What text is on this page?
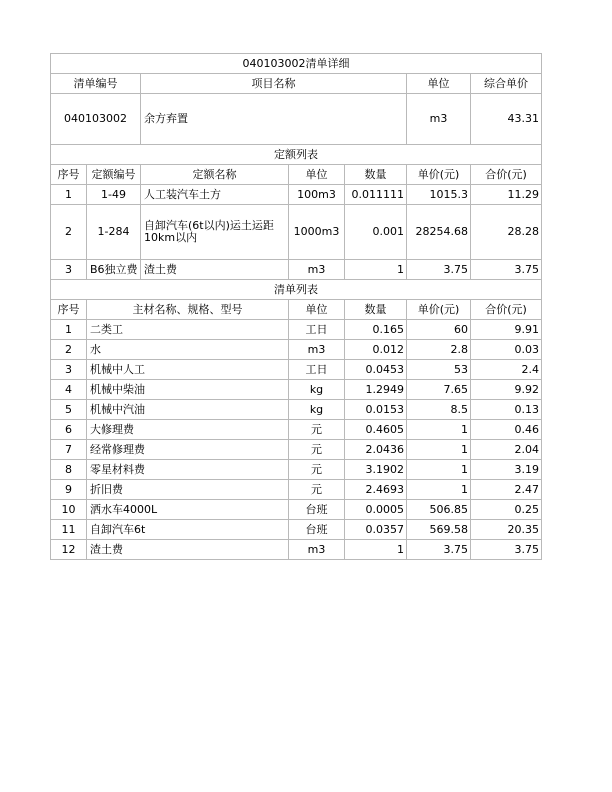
040103002清单详细						
清单编号		项目名称			单位	综合单价
040103002		余方弃置			m3	43.31
定额列表						
序号	定额编号	定额名称	单位	数量	单价(元)	合价(元)
1	1-49	人工装汽车土方	100m3	0.011111	1015.3	11.29
2	1-284	自卸汽车(6t以内)运土运距10km以内	1000m3	0.001	28254.68	28.28
3	B6独立费	渣土费	m3	1	3.75	3.75
清单列表						
序号	主材名称、规格、型号		单位	数量	单价(元)	合价(元)
1	二类工		工日	0.165	60	9.91
2	水		m3	0.012	2.8	0.03
3	机械中人工		工日	0.0453	53	2.4
4	机械中柴油		kg	1.2949	7.65	9.92
5	机械中汽油		kg	0.0153	8.5	0.13
6	大修理费		元	0.4605	1	0.46
7	经常修理费		元	2.0436	1	2.04
8	零星材料费		元	3.1902	1	3.19
9	折旧费		元	2.4693	1	2.47
10	洒水车4000L		台班	0.0005	506.85	0.25
11	自卸汽车6t		台班	0.0357	569.58	20.35
12	渣土费		m3	1	3.75	3.75
